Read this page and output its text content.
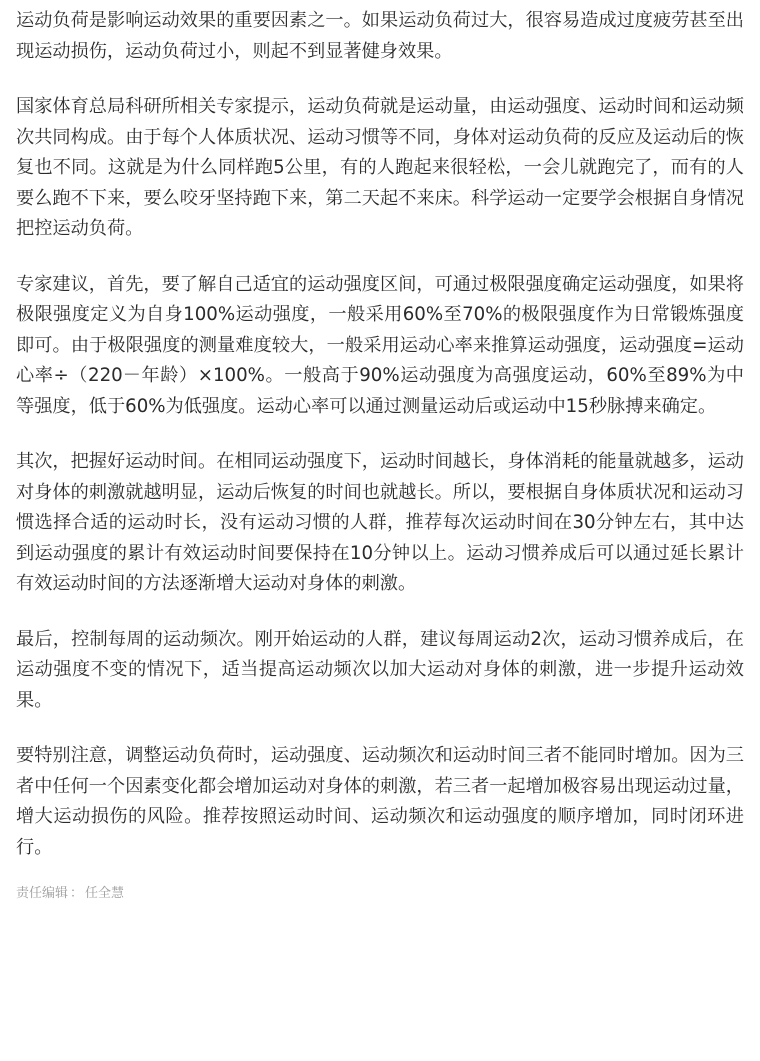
运动负荷是影响运动效果的重要因素之一。如果运动负荷过大，很容易造成过度疲劳甚至出现运动损伤，运动负荷过小，则起不到显著健身效果。

国家体育总局科研所相关专家提示，运动负荷就是运动量，由运动强度、运动时间和运动频次共同构成。由于每个人体质状况、运动习惯等不同，身体对运动负荷的反应及运动后的恢复也不同。这就是为什么同样跑5公里，有的人跑起来很轻松，一会儿就跑完了，而有的人要么跑不下来，要么咬牙坚持跑下来，第二天起不来床。科学运动一定要学会根据自身情况把控运动负荷。

专家建议，首先，要了解自己适宜的运动强度区间，可通过极限强度确定运动强度，如果将极限强度定义为自身100%运动强度，一般采用60%至70%的极限强度作为日常锻炼强度即可。由于极限强度的测量难度较大，一般采用运动心率来推算运动强度，运动强度=运动心率÷（220－年龄）×100%。一般高于90%运动强度为高强度运动，60%至89%为中等强度，低于60%为低强度。运动心率可以通过测量运动后或运动中15秒脉搏来确定。

其次，把握好运动时间。在相同运动强度下，运动时间越长，身体消耗的能量就越多，运动对身体的刺激就越明显，运动后恢复的时间也就越长。所以，要根据自身体质状况和运动习惯选择合适的运动时长，没有运动习惯的人群，推荐每次运动时间在30分钟左右，其中达到运动强度的累计有效运动时间要保持在10分钟以上。运动习惯养成后可以通过延长累计有效运动时间的方法逐渐增大运动对身体的刺激。

最后，控制每周的运动频次。刚开始运动的人群，建议每周运动2次，运动习惯养成后，在运动强度不变的情况下，适当提高运动频次以加大运动对身体的刺激，进一步提升运动效果。

要特别注意，调整运动负荷时，运动强度、运动频次和运动时间三者不能同时增加。因为三者中任何一个因素变化都会增加运动对身体的刺激，若三者一起增加极容易出现运动过量，增大运动损伤的风险。推荐按照运动时间、运动频次和运动强度的顺序增加，同时闭环进行。

责任编辑 ： 任全慧
